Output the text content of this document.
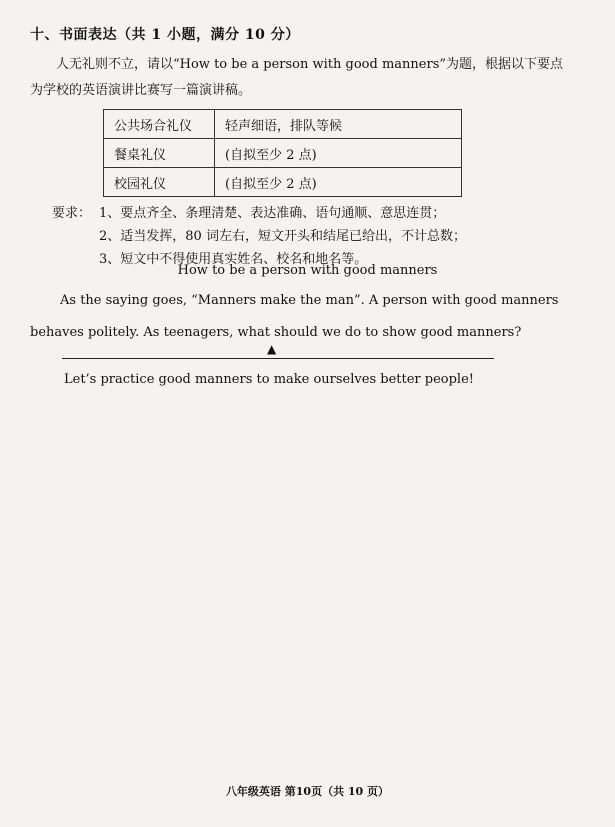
十、书面表达（共 1 小题，满分 10 分）
人无礼则不立，请以“How to be a person with good manners”为题，根据以下要点为学校的英语演讲比赛写一篇演讲稿。
公共场合礼仪	轻声细语，排队等候
餐桌礼仪	(自拟至少 2 点)
校园礼仪	(自拟至少 2 点)
要求： 1、要点齐全、条理清楚、表达准确、语句通顺、意思连贯；
2、适当发挥，80 词左右，短文开头和结尾已给出，不计总数；
3、短文中不得使用真实姓名、校名和地名等。
How to be a person with good manners
As the saying goes, “Manners make the man”. A person with good manners behaves politely. As teenagers, what should we do to show good manners?
▲
Let’s practice good manners to make ourselves better people!
八年级英语 第10页（共 10 页）
